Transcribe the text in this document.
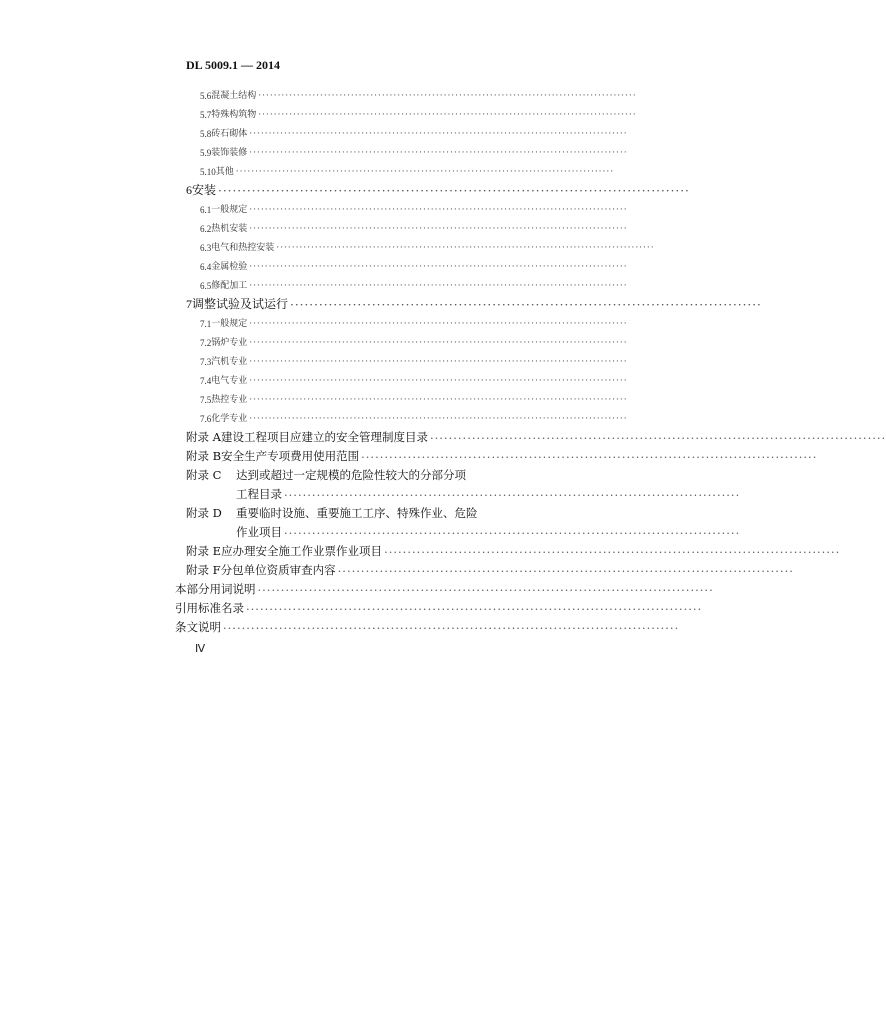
DL 5009.1 — 2014
5.6 混凝土结构 ··································································································
5.7 特殊构筑物 ··································································································
5.8 砖石砌体 ··································································································
5.9 装饰装修 ··································································································
5.10 其他 ··································································································
6 安装 ··································································································
6.1 一般规定 ··································································································
6.2 热机安装 ··································································································
6.3 电气和热控安装 ··································································································
6.4 金属检验 ··································································································
6.5 修配加工 ··································································································
7 调整试验及试运行 ··································································································
7.1 一般规定 ··································································································
7.2 锅炉专业 ··································································································
7.3 汽机专业 ··································································································
7.4 电气专业 ··································································································
7.5 热控专业 ··································································································
7.6 化学专业 ··································································································
附录 A 建设工程项目应建立的安全管理制度目录 ··································································································
附录 B 安全生产专项费用使用范围 ··································································································
附录 C	达到或超过一定规模的危险性较大的分部分项
工程目录 ··································································································
附录 D	重要临时设施、重要施工工序、特殊作业、危险
作业项目 ··································································································
附录 E 应办理安全施工作业票作业项目 ··································································································
附录 F 分包单位资质审查内容 ··································································································
本部分用词说明 ··································································································
引用标准名录 ··································································································
条文说明 ··································································································
Ⅳ
